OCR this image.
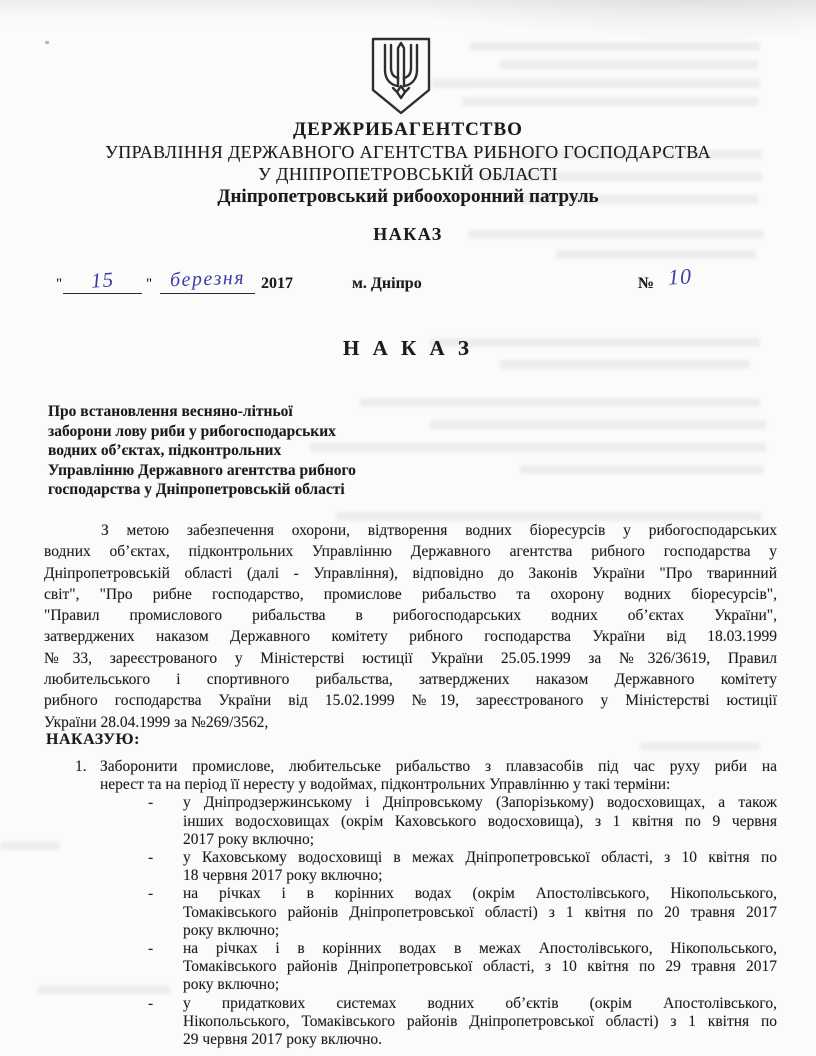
ДЕРЖРИБАГЕНТСТВО
УПРАВЛІННЯ ДЕРЖАВНОГО АГЕНТСТВА РИБНОГО ГОСПОДАРСТВА
У ДНІПРОПЕТРОВСЬКІЙ ОБЛАСТІ
Дніпропетровський рибоохоронний патруль
НАКАЗ
"	15	" березня 2017	м. Дніпро	№ 10
Н А К А З
Про встановлення весняно-літньої
заборони лову риби у рибогосподарських
водних об’єктах, підконтрольних
Управлінню Державного агентства рибного
господарства у Дніпропетровській області
З метою забезпечення охорони, відтворення водних біоресурсів у рибогосподарських
водних об’єктах, підконтрольних Управлінню Державного агентства рибного господарства у
Дніпропетровській області (далі - Управління), відповідно до Законів України "Про тваринний
світ", "Про рибне господарство, промислове рибальство та охорону водних біоресурсів",
"Правил промислового рибальства в рибогосподарських водних об’єктах України",
затверджених наказом Державного комітету рибного господарства України від 18.03.1999
№33, зареєстрованого у Міністерстві юстиції України 25.05.1999 за №326/3619, Правил
любительського і спортивного рибальства, затверджених наказом Державного комітету
рибного господарства України від 15.02.1999 №19, зареєстрованого у Міністерстві юстиції
України 28.04.1999 за №269/3562,
НАКАЗУЮ:
1. Заборонити промислове, любительське рибальство з плавзасобів під час руху риби на
нерест та на період її нересту у водоймах, підконтрольних Управлінню у такі терміни:
- у Дніпродзержинському і Дніпровському (Запорізькому) водосховищах, а також
інших водосховищах (окрім Каховського водосховища), з 1 квітня по 9 червня
2017 року включно;
- у Каховському водосховищі в межах Дніпропетровської області, з 10 квітня по
18 червня 2017 року включно;
- на річках і в корінних водах (окрім Апостолівського, Нікопольського,
Томаківського районів Дніпропетровської області) з 1 квітня по 20 травня 2017
року включно;
- на річках і в корінних водах в межах Апостолівського, Нікопольського,
Томаківського районів Дніпропетровської області, з 10 квітня по 29 травня 2017
року включно;
- у придаткових системах водних об’єктів (окрім Апостолівського,
Нікопольського, Томаківського районів Дніпропетровської області) з 1 квітня по
29 червня 2017 року включно.
